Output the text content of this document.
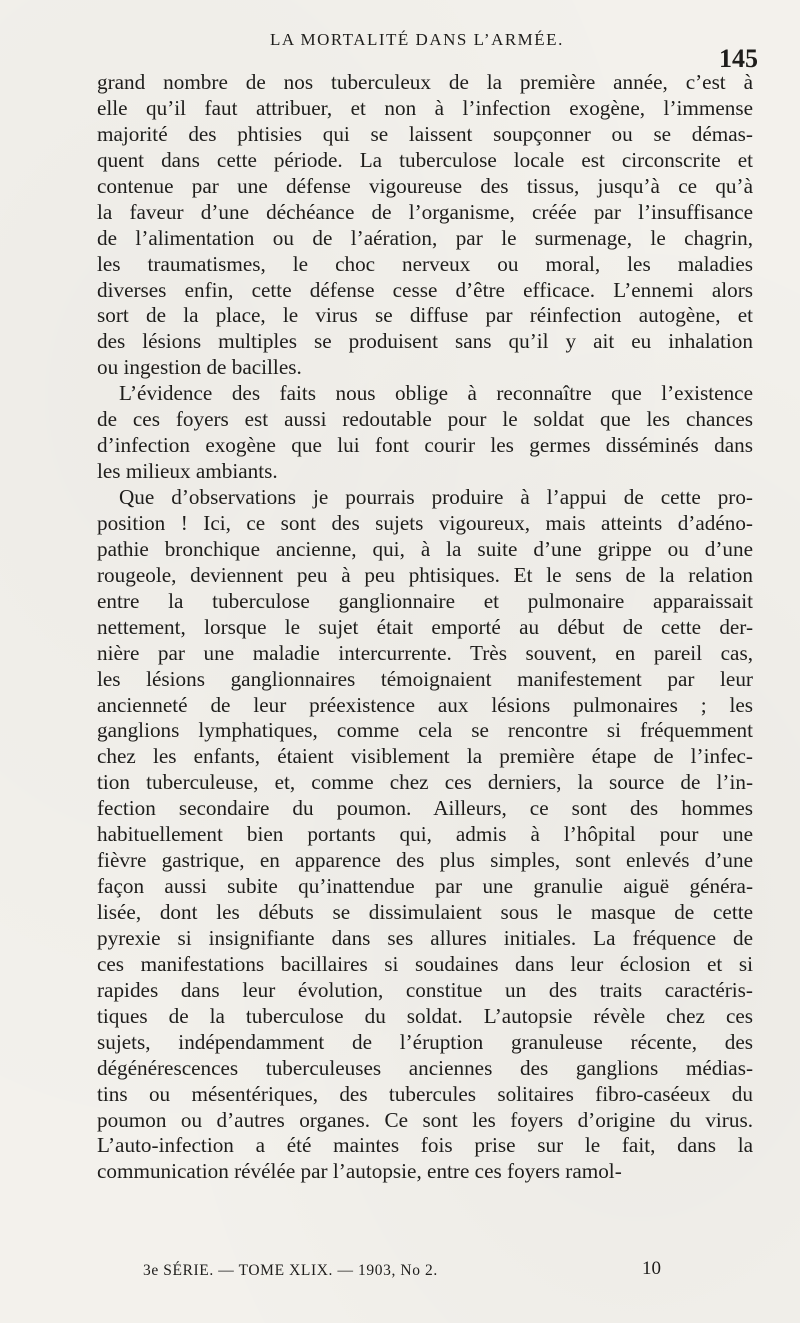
LA MORTALITÉ DANS L’ARMÉE.
145
grand nombre de nos tuberculeux de la première année, c’est à
elle qu’il faut attribuer, et non à l’infection exogène, l’immense
majorité des phtisies qui se laissent soupçonner ou se démas-
quent dans cette période. La tuberculose locale est circonscrite et
contenue par une défense vigoureuse des tissus, jusqu’à ce qu’à
la faveur d’une déchéance de l’organisme, créée par l’insuffisance
de l’alimentation ou de l’aération, par le surmenage, le chagrin,
les traumatismes, le choc nerveux ou moral, les maladies
diverses enfin, cette défense cesse d’être efficace. L’ennemi alors
sort de la place, le virus se diffuse par réinfection autogène, et
des lésions multiples se produisent sans qu’il y ait eu inhalation
ou ingestion de bacilles.
L’évidence des faits nous oblige à reconnaître que l’existence
de ces foyers est aussi redoutable pour le soldat que les chances
d’infection exogène que lui font courir les germes disséminés dans
les milieux ambiants.
Que d’observations je pourrais produire à l’appui de cette pro-
position ! Ici, ce sont des sujets vigoureux, mais atteints d’adéno-
pathie bronchique ancienne, qui, à la suite d’une grippe ou d’une
rougeole, deviennent peu à peu phtisiques. Et le sens de la relation
entre la tuberculose ganglionnaire et pulmonaire apparaissait
nettement, lorsque le sujet était emporté au début de cette der-
nière par une maladie intercurrente. Très souvent, en pareil cas,
les lésions ganglionnaires témoignaient manifestement par leur
ancienneté de leur préexistence aux lésions pulmonaires ; les
ganglions lymphatiques, comme cela se rencontre si fréquemment
chez les enfants, étaient visiblement la première étape de l’infec-
tion tuberculeuse, et, comme chez ces derniers, la source de l’in-
fection secondaire du poumon. Ailleurs, ce sont des hommes
habituellement bien portants qui, admis à l’hôpital pour une
fièvre gastrique, en apparence des plus simples, sont enlevés d’une
façon aussi subite qu’inattendue par une granulie aiguë généra-
lisée, dont les débuts se dissimulaient sous le masque de cette
pyrexie si insignifiante dans ses allures initiales. La fréquence de
ces manifestations bacillaires si soudaines dans leur éclosion et si
rapides dans leur évolution, constitue un des traits caractéris-
tiques de la tuberculose du soldat. L’autopsie révèle chez ces
sujets, indépendamment de l’éruption granuleuse récente, des
dégénérescences tuberculeuses anciennes des ganglions médias-
tins ou mésentériques, des tubercules solitaires fibro-caséeux du
poumon ou d’autres organes. Ce sont les foyers d’origine du virus.
L’auto-infection a été maintes fois prise sur le fait, dans la
communication révélée par l’autopsie, entre ces foyers ramol-
3e SÉRIE. — TOME XLIX. — 1903, No 2.	10
